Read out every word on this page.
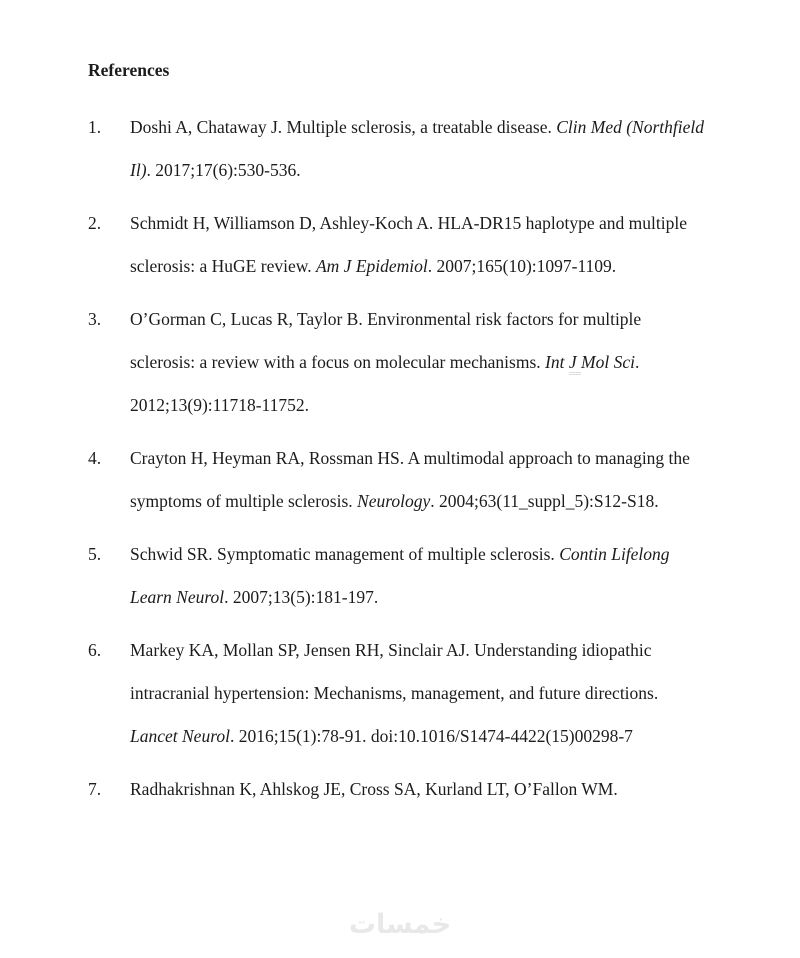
References
1.	Doshi A, Chataway J. Multiple sclerosis, a treatable disease. Clin Med (Northfield Il). 2017;17(6):530-536.
2.	Schmidt H, Williamson D, Ashley-Koch A. HLA-DR15 haplotype and multiple sclerosis: a HuGE review. Am J Epidemiol. 2007;165(10):1097-1109.
3.	O’Gorman C, Lucas R, Taylor B. Environmental risk factors for multiple sclerosis: a review with a focus on molecular mechanisms. Int J Mol Sci. 2012;13(9):11718-11752.
4.	Crayton H, Heyman RA, Rossman HS. A multimodal approach to managing the symptoms of multiple sclerosis. Neurology. 2004;63(11_suppl_5):S12-S18.
5.	Schwid SR. Symptomatic management of multiple sclerosis. Contin Lifelong Learn Neurol. 2007;13(5):181-197.
6.	Markey KA, Mollan SP, Jensen RH, Sinclair AJ. Understanding idiopathic intracranial hypertension: Mechanisms, management, and future directions. Lancet Neurol. 2016;15(1):78-91. doi:10.1016/S1474-4422(15)00298-7
7.	Radhakrishnan K, Ahlskog JE, Cross SA, Kurland LT, O’Fallon WM.
خمسات
